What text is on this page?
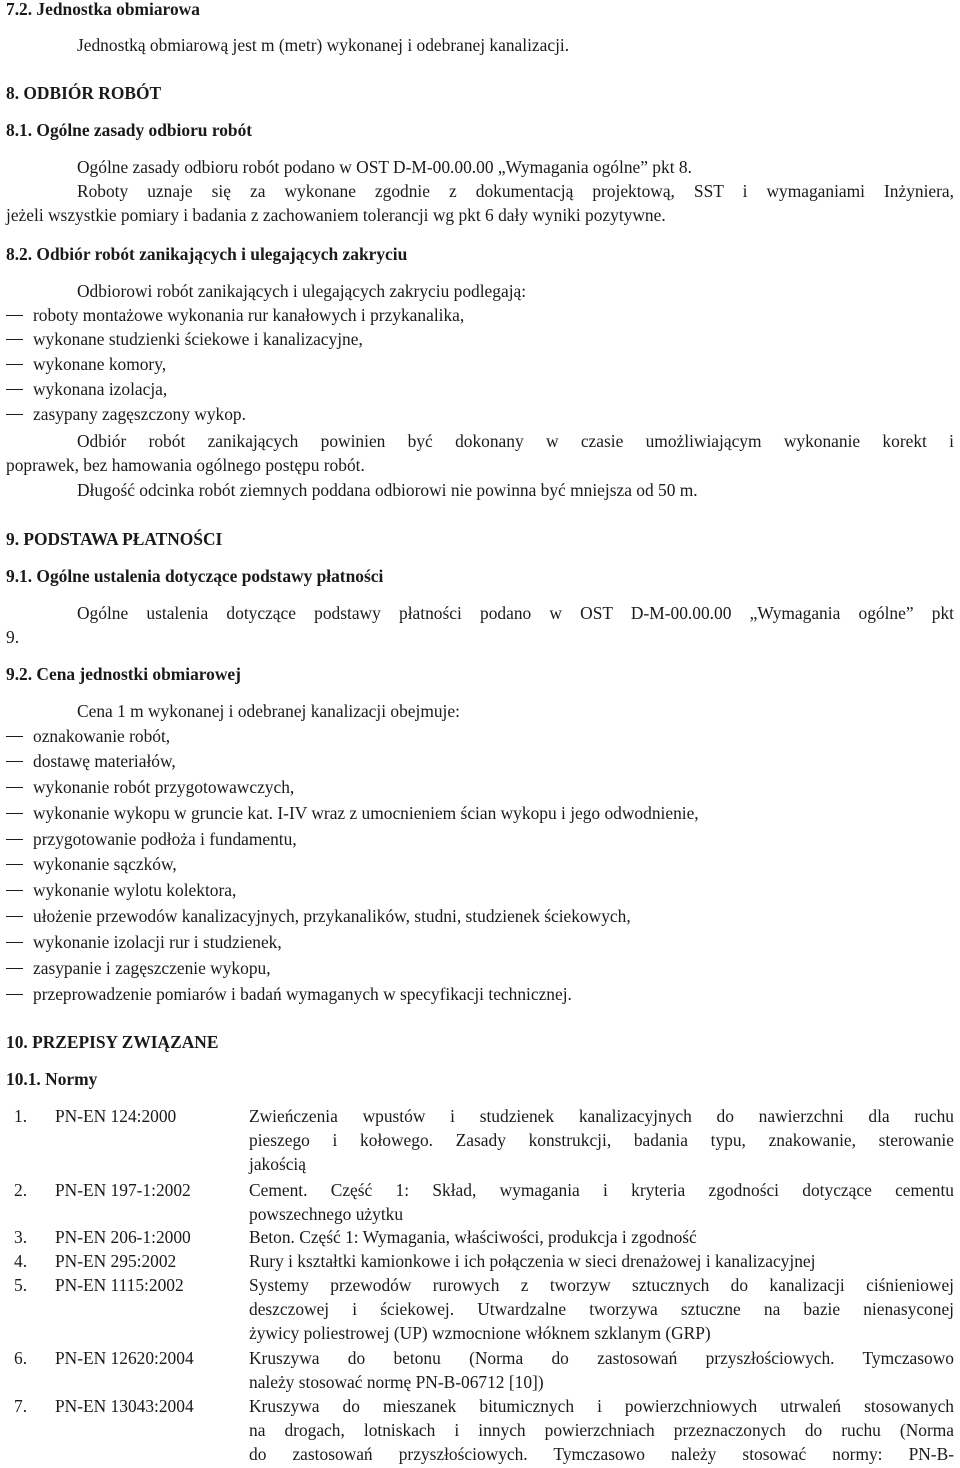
7.2. Jednostka obmiarowa
Jednostką obmiarową jest m (metr) wykonanej i odebranej kanalizacji.
8. ODBIÓR ROBÓT
8.1. Ogólne zasady odbioru robót
Ogólne zasady odbioru robót podano w OST D-M-00.00.00 „Wymagania ogólne” pkt 8.
Roboty uznaje się za wykonane zgodnie z dokumentacją projektową, SST i wymaganiami Inżyniera,
jeżeli wszystkie pomiary i badania z zachowaniem tolerancji wg pkt 6 dały wyniki pozytywne.
8.2. Odbiór robót zanikających i ulegających zakryciu
Odbiorowi robót zanikających i ulegających zakryciu podlegają:
roboty montażowe wykonania rur kanałowych i przykanalika,
wykonane studzienki ściekowe i kanalizacyjne,
wykonane komory,
wykonana izolacja,
zasypany zagęszczony wykop.
Odbiór robót zanikających powinien być dokonany w czasie umożliwiającym wykonanie korekt i
poprawek, bez hamowania ogólnego postępu robót.
Długość odcinka robót ziemnych poddana odbiorowi nie powinna być mniejsza od 50 m.
9. PODSTAWA PŁATNOŚCI
9.1. Ogólne ustalenia dotyczące podstawy płatności
Ogólne ustalenia dotyczące podstawy płatności podano w OST D-M-00.00.00 „Wymagania ogólne” pkt
9.
9.2. Cena jednostki obmiarowej
Cena 1 m wykonanej i odebranej kanalizacji obejmuje:
oznakowanie robót,
dostawę materiałów,
wykonanie robót przygotowawczych,
wykonanie wykopu w gruncie kat. I-IV wraz z umocnieniem ścian wykopu i jego odwodnienie,
przygotowanie podłoża i fundamentu,
wykonanie sączków,
wykonanie wylotu kolektora,
ułożenie przewodów kanalizacyjnych, przykanalików, studni, studzienek ściekowych,
wykonanie izolacji rur i studzienek,
zasypanie i zagęszczenie wykopu,
przeprowadzenie pomiarów i badań wymaganych w specyfikacji technicznej.
10. PRZEPISY ZWIĄZANE
10.1. Normy
1. PN-EN 124:2000	Zwieńczenia wpustów i studzienek kanalizacyjnych do nawierzchni dla ruchu
pieszego i kołowego. Zasady konstrukcji, badania typu, znakowanie, sterowanie
jakością
2. PN-EN 197-1:2002	Cement. Część 1: Skład, wymagania i kryteria zgodności dotyczące cementu
powszechnego użytku
3. PN-EN 206-1:2000	Beton. Część 1: Wymagania, właściwości, produkcja i zgodność
4. PN-EN 295:2002	Rury i kształtki kamionkowe i ich połączenia w sieci drenażowej i kanalizacyjnej
5. PN-EN 1115:2002	Systemy przewodów rurowych z tworzyw sztucznych do kanalizacji ciśnieniowej
deszczowej i ściekowej. Utwardzalne tworzywa sztuczne na bazie nienasyconej
żywicy poliestrowej (UP) wzmocnione włóknem szklanym (GRP)
6. PN-EN 12620:2004	Kruszywa do betonu (Norma do zastosowań przyszłościowych. Tymczasowo
należy stosować normę PN-B-06712 [10])
7. PN-EN 13043:2004	Kruszywa do mieszanek bitumicznych i powierzchniowych utrwaleń stosowanych
na drogach, lotniskach i innych powierzchniach przeznaczonych do ruchu (Norma
do zastosowań przyszłościowych. Tymczasowo należy stosować normy: PN-B-
